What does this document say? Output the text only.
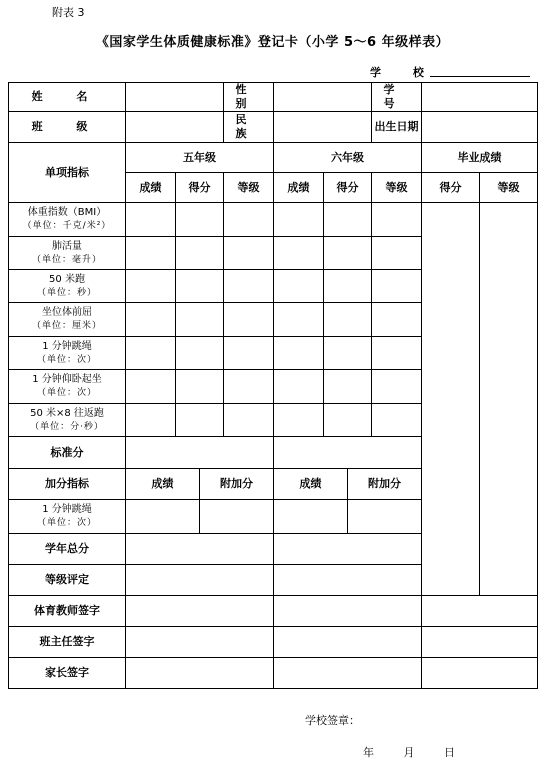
附表 3
《国家学生体质健康标准》登记卡（小学 5～6 年级样表）
学 校
姓 名				性 别				学 号		
班 级				民 族				出生日期		
单项指标	五年级				六年级				毕业成绩	
	成绩	得分		等级	成绩	得分		等级	得分	等级

体重指数（BMI）
（单位：千克/米²）										

肺活量
（单位：毫升）										

50 米跑
（单位：秒）										

坐位体前屈
（单位：厘米）										

1 分钟跳绳
（单位：次）										

1 分钟仰卧起坐
（单位：次）										

50 米×8 往返跑
（单位：分·秒）										

标准分										
加分指标	成绩		附加分		成绩		附加分			

1 分钟跳绳
（单位：次）										

学年总分										
等级评定										
体育教师签字										
班主任签字										
家长签字										
学校签章：
年 月 日
